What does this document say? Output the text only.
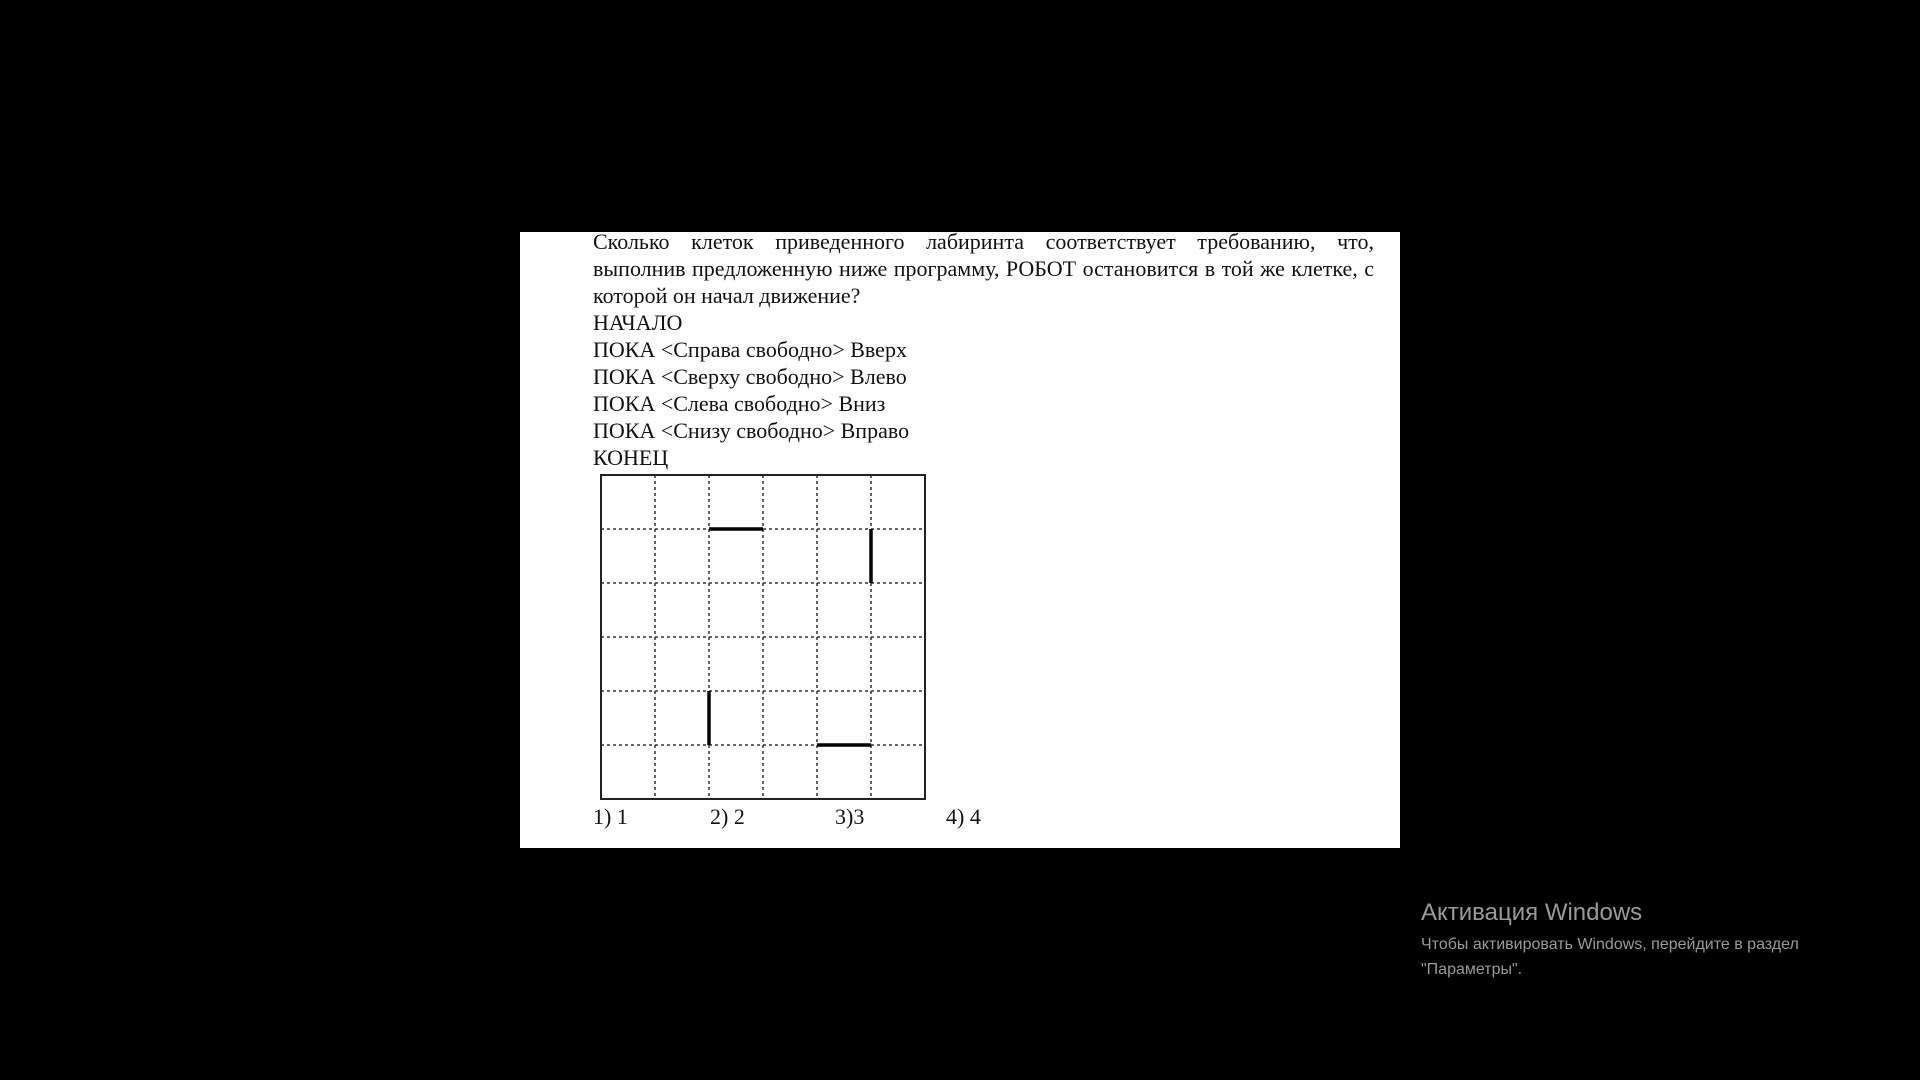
Сколько клеток приведенного лабиринта соответствует требованию, что, выполнив предложенную ниже программу, РОБОТ остановится в той же клетке, с которой он начал движение?

НАЧАЛО

ПОКА <Справа свободно> Вверх

ПОКА <Сверху свободно> Влево

ПОКА <Слева свободно> Вниз

ПОКА <Снизу свободно> Вправо

КОНЕЦ

1) 1	2) 2	3)3	4) 4

Активация Windows

Чтобы активировать Windows, перейдите в раздел "Параметры".
